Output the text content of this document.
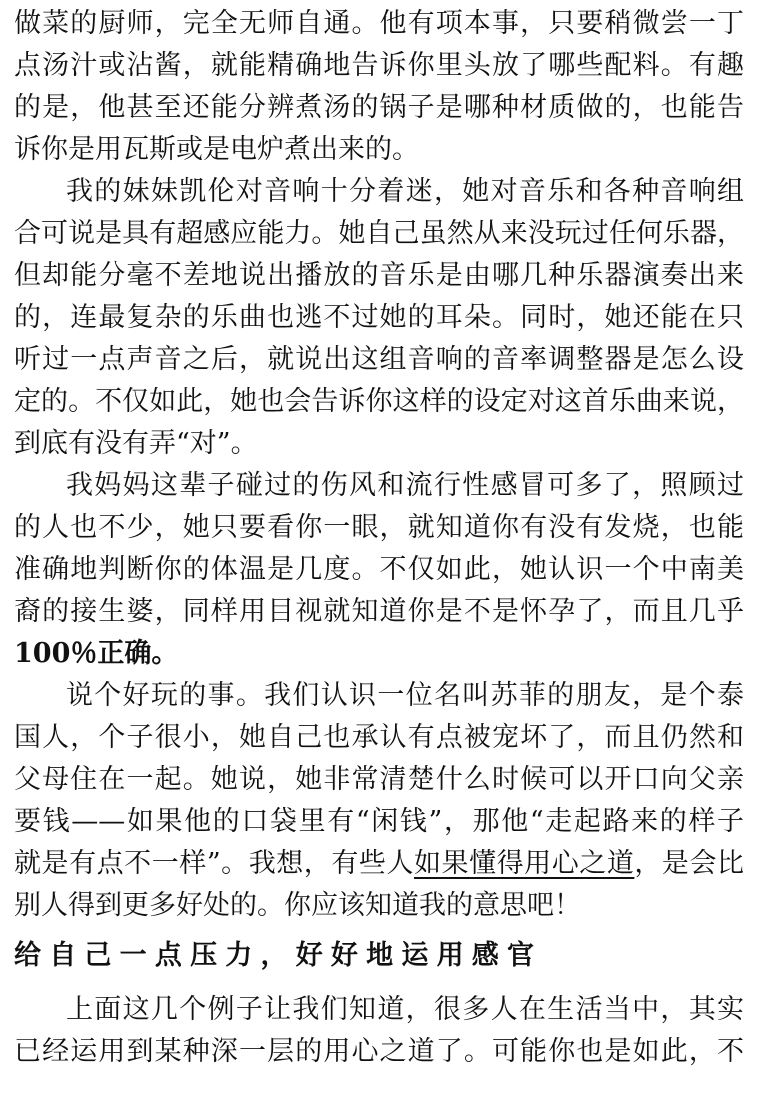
做菜的厨师，完全无师自通。他有项本事，只要稍微尝一丁
点汤汁或沾酱，就能精确地告诉你里头放了哪些配料。有趣
的是，他甚至还能分辨煮汤的锅子是哪种材质做的，也能告
诉你是用瓦斯或是电炉煮出来的。
我的妹妹凯伦对音响十分着迷，她对音乐和各种音响组
合可说是具有超感应能力。她自己虽然从来没玩过任何乐器，
但却能分毫不差地说出播放的音乐是由哪几种乐器演奏出来
的，连最复杂的乐曲也逃不过她的耳朵。同时，她还能在只
听过一点声音之后，就说出这组音响的音率调整器是怎么设
定的。不仅如此，她也会告诉你这样的设定对这首乐曲来说，
到底有没有弄“对”。
我妈妈这辈子碰过的伤风和流行性感冒可多了，照顾过
的人也不少，她只要看你一眼，就知道你有没有发烧，也能
准确地判断你的体温是几度。不仅如此，她认识一个中南美
裔的接生婆，同样用目视就知道你是不是怀孕了，而且几乎
100％正确。
说个好玩的事。我们认识一位名叫苏菲的朋友，是个泰
国人，个子很小，她自己也承认有点被宠坏了，而且仍然和
父母住在一起。她说，她非常清楚什么时候可以开口向父亲
要钱——如果他的口袋里有“闲钱”，那他“走起路来的样子
就是有点不一样”。我想，有些人如果懂得用心之道，是会比
别人得到更多好处的。你应该知道我的意思吧！
给自己一点压力，好好地运用感官
上面这几个例子让我们知道，很多人在生活当中，其实
已经运用到某种深一层的用心之道了。可能你也是如此，不
